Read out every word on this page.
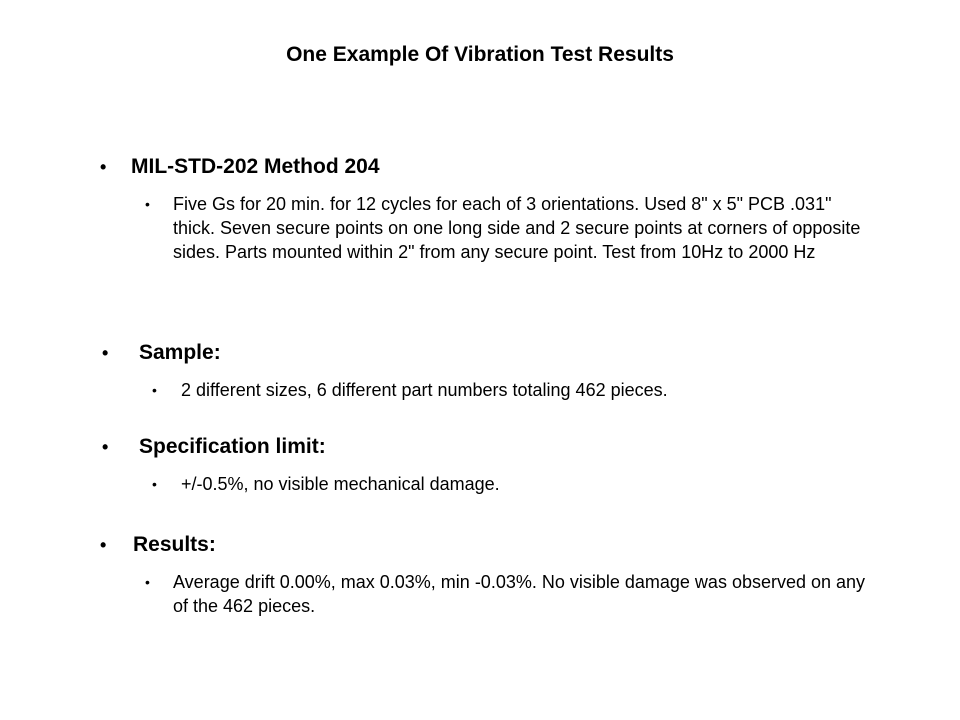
One Example Of Vibration Test Results
• MIL-STD-202 Method 204
• Five Gs for 20 min. for 12 cycles for each of 3 orientations. Used 8" x 5" PCB .031" thick. Seven secure points on one long side and 2 secure points at corners of opposite sides. Parts mounted within 2" from any secure point. Test from 10Hz to 2000 Hz
• Sample:
• 2 different sizes, 6 different part numbers totaling 462 pieces.
• Specification limit:
• +/-0.5%, no visible mechanical damage.
• Results:
• Average drift 0.00%, max 0.03%, min -0.03%. No visible damage was observed on any of the 462 pieces.
